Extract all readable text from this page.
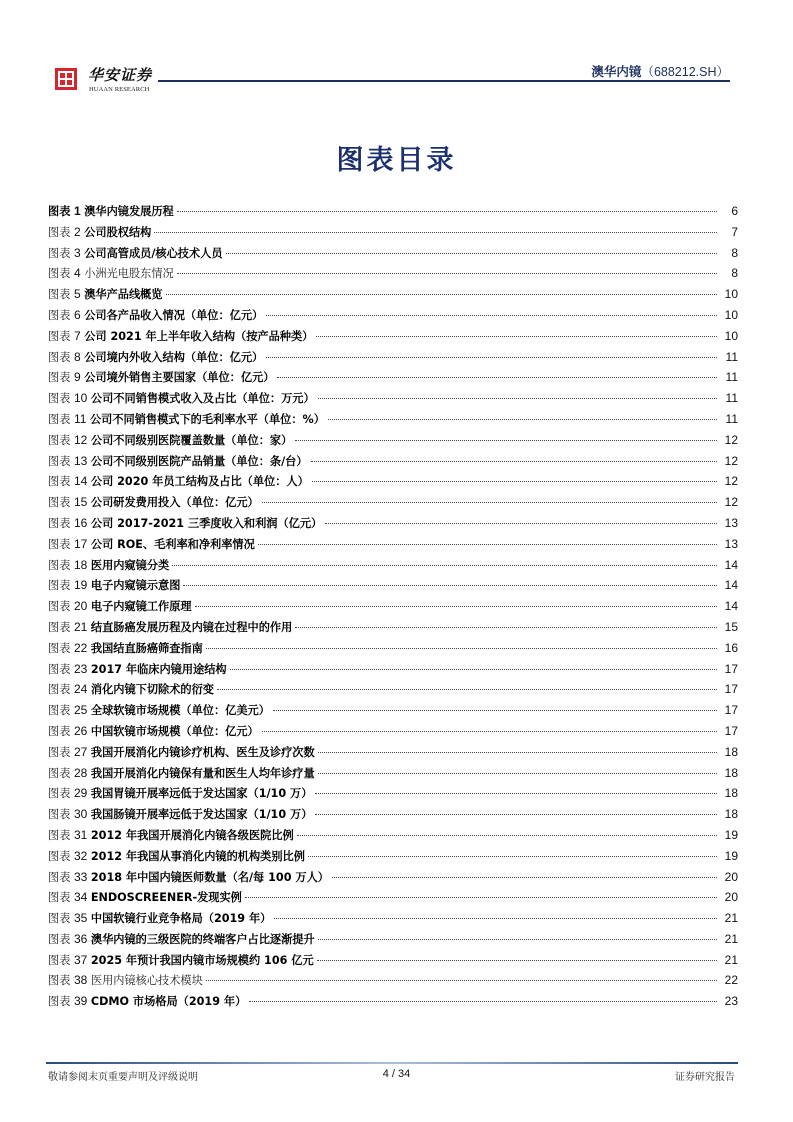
华安证券
HUAAN RESEARCH
澳华内镜（688212.SH）
图表目录
图表 1 澳华内镜发展历程	6
图表 2 公司股权结构	7
图表 3 公司高管成员/核心技术人员	8
图表 4 小洲光电股东情况	8
图表 5 澳华产品线概览	10
图表 6 公司各产品收入情况（单位：亿元）	10
图表 7 公司 2021 年上半年收入结构（按产品种类）	10
图表 8 公司境内外收入结构（单位：亿元）	11
图表 9 公司境外销售主要国家（单位：亿元）	11
图表 10 公司不同销售模式收入及占比（单位：万元）	11
图表 11 公司不同销售模式下的毛利率水平（单位：%）	11
图表 12 公司不同级别医院覆盖数量（单位：家）	12
图表 13 公司不同级别医院产品销量（单位：条/台）	12
图表 14 公司 2020 年员工结构及占比（单位：人）	12
图表 15 公司研发费用投入（单位：亿元）	12
图表 16 公司 2017-2021 三季度收入和利润（亿元）	13
图表 17 公司 ROE、毛利率和净利率情况	13
图表 18 医用内窥镜分类	14
图表 19 电子内窥镜示意图	14
图表 20 电子内窥镜工作原理	14
图表 21 结直肠癌发展历程及内镜在过程中的作用	15
图表 22 我国结直肠癌筛查指南	16
图表 23 2017 年临床内镜用途结构	17
图表 24 消化内镜下切除术的衍变	17
图表 25 全球软镜市场规模（单位：亿美元）	17
图表 26 中国软镜市场规模（单位：亿元）	17
图表 27 我国开展消化内镜诊疗机构、医生及诊疗次数	18
图表 28 我国开展消化内镜保有量和医生人均年诊疗量	18
图表 29 我国胃镜开展率远低于发达国家（1/10 万）	18
图表 30 我国肠镜开展率远低于发达国家（1/10 万）	18
图表 31 2012 年我国开展消化内镜各级医院比例	19
图表 32 2012 年我国从事消化内镜的机构类别比例	19
图表 33 2018 年中国内镜医师数量（名/每 100 万人）	20
图表 34 ENDOSCREENER-发现实例	20
图表 35 中国软镜行业竞争格局（2019 年）	21
图表 36 澳华内镜的三级医院的终端客户占比逐渐提升	21
图表 37 2025 年预计我国内镜市场规模约 106 亿元	21
图表 38 医用内镜核心技术模块	22
图表 39 CDMO 市场格局（2019 年）	23
敬请参阅末页重要声明及评级说明	4 / 34	证券研究报告
